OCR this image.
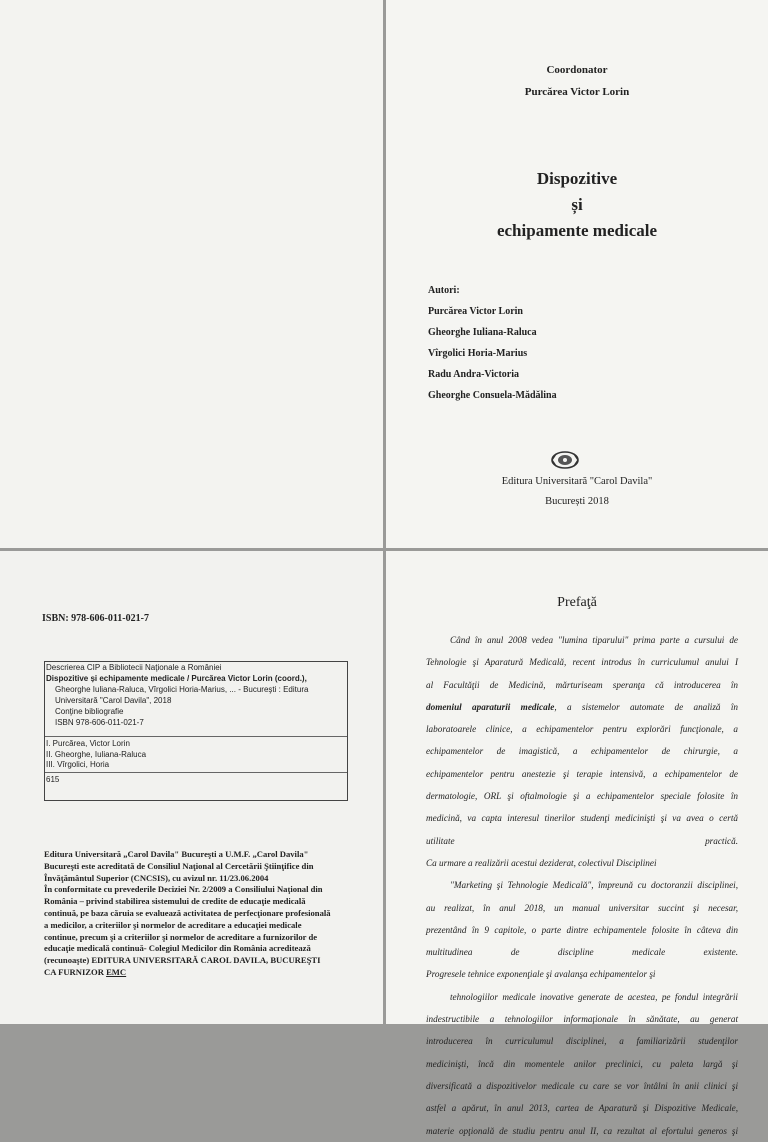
Coordonator
Purcărea Victor Lorin
Dispozitive
și
echipamente medicale
Autori:
Purcărea Victor Lorin
Gheorghe Iuliana-Raluca
Vîrgolici Horia-Marius
Radu Andra-Victoria
Gheorghe Consuela-Mădălina
Editura Universitară "Carol Davila"
București 2018
ISBN: 978-606-011-021-7
Descrierea CIP a Bibliotecii Naţionale a României
Dispozitive și echipamente medicale / Purcărea Victor Lorin (coord.),
Gheorghe Iuliana-Raluca, Vîrgolici Horia-Marius, ... - Bucureşti : Editura
Universitară "Carol Davila", 2018
Conţine bibliografie
ISBN 978-606-011-021-7
I. Purcărea, Victor Lorin
II. Gheorghe, Iuliana-Raluca
III. Vîrgolici, Horia
615
Editura Universitară „Carol Davila" Bucureşti a U.M.F. „Carol Davila"
Bucureşti este acreditată de Consiliul Naţional al Cercetării Ştiinţifice din
Învăţământul Superior (CNCSIS), cu avizul nr. 11/23.06.2004
În conformitate cu prevederile Deciziei Nr. 2/2009 a Consiliului Naţional din
România – privind stabilirea sistemului de credite de educaţie medicală
continuă, pe baza căruia se evaluează activitatea de perfecţionare profesională
a medicilor, a criteriilor şi normelor de acreditare a educaţiei medicale
continue, precum şi a criteriilor şi normelor de acreditare a furnizorilor de
educaţie medicală continuă- Colegiul Medicilor din România acreditează
(recunoaşte) EDITURA UNIVERSITARĂ CAROL DAVILA, BUCUREŞTI
CA FURNIZOR EMC
Prefaţă
Când în anul 2008 vedea "lumina tiparului" prima parte a cursului de
Tehnologie şi Aparatură Medicală, recent introdus în curriculumul anului I
al Facultăţii de Medicină, mărturiseam speranţa că introducerea în
domeniul aparaturii medicale, a sistemelor automate de analiză în
laboratoarele clinice, a echipamentelor pentru explorări funcţionale, a
echipamentelor de imagistică, a echipamentelor de chirurgie, a
echipamentelor pentru anestezie şi terapie intensivă, a echipamentelor de
dermatologie, ORL şi oftalmologie şi a echipamentelor speciale folosite în
medicină, va capta interesul tinerilor studenţi medicinişti şi va avea o certă
utilitate practică.
Ca urmare a realizării acestui deziderat, colectivul Disciplinei
"Marketing şi Tehnologie Medicală", împreună cu doctoranzii disciplinei,
au realizat, în anul 2018, un manual universitar succint şi necesar,
prezentând în 9 capitole, o parte dintre echipamentele folosite în câteva din
multitudinea de discipline medicale existente.
Progresele tehnice exponenţiale şi avalanşa echipamentelor şi
tehnologiilor medicale inovative generate de acestea, pe fondul integrării
indestructibile a tehnologiilor informaţionale în sănătate, au generat
introducerea în curriculumul disciplinei, a familiarizării studenţilor
medicinişti, încă din momentele anilor preclinici, cu paleta largă şi
diversificată a dispozitivelor medicale cu care se vor întâlni în anii clinici şi
astfel a apărut, în anul 2013, cartea de Aparatură şi Dispozitive Medicale,
materie opţională de studiu pentru anul II, ca rezultat al efortului generos şi
